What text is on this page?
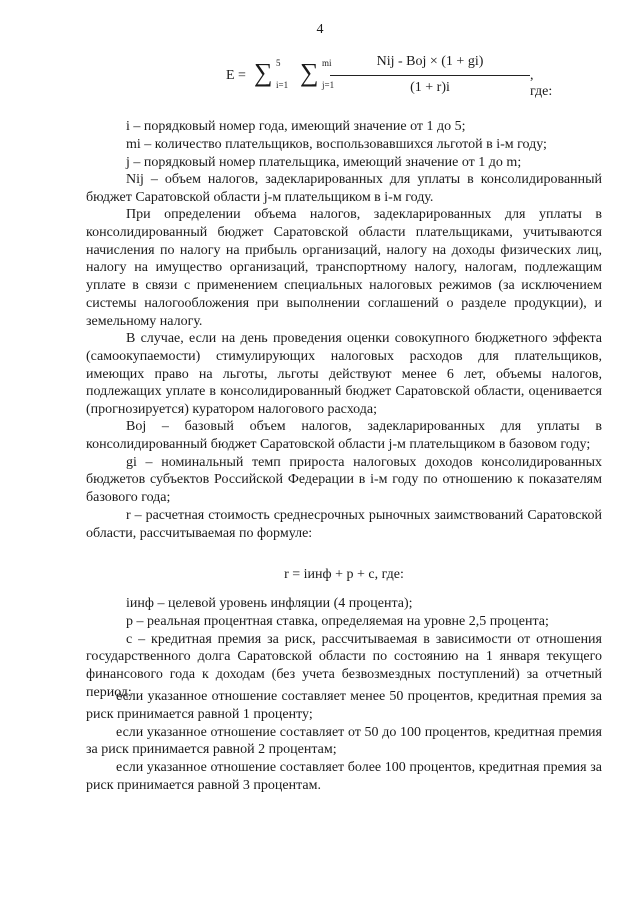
4
E = ∑ 5
i=1 ∑ mi
j=1
Nij - Boj × (1 + gi)
(1 + r)i
, где:

i – порядковый номер года, имеющий значение от 1 до 5;

mi – количество плательщиков, воспользовавшихся льготой в i-м году;

j – порядковый номер плательщика, имеющий значение от 1 до m;

Nij – объем налогов, задекларированных для уплаты в консолидированный бюджет Саратовской области j-м плательщиком в i-м году.

При определении объема налогов, задекларированных для уплаты в консолидированный бюджет Саратовской области плательщиками, учитываются начисления по налогу на прибыль организаций, налогу на доходы физических лиц, налогу на имущество организаций, транспортному налогу, налогам, подлежащим уплате в связи с применением специальных налоговых режимов (за исключением системы налогообложения при выполнении соглашений о разделе продукции), и земельному налогу.

В случае, если на день проведения оценки совокупного бюджетного эффекта (самоокупаемости) стимулирующих налоговых расходов для плательщиков, имеющих право на льготы, льготы действуют менее 6 лет, объемы налогов, подлежащих уплате в консолидированный бюджет Саратовской области, оценивается (прогнозируется) куратором налогового расхода;

Boj – базовый объем налогов, задекларированных для уплаты в консолидированный бюджет Саратовской области j-м плательщиком в базовом году;

gi – номинальный темп прироста налоговых доходов консолидированных бюджетов субъектов Российской Федерации в i-м году по отношению к показателям базового года;

r – расчетная стоимость среднесрочных рыночных заимствований Саратовской области, рассчитываемая по формуле:

r = iинф + p + c, где:

iинф – целевой уровень инфляции (4 процента);

p – реальная процентная ставка, определяемая на уровне 2,5 процента;

c – кредитная премия за риск, рассчитываемая в зависимости от отношения государственного долга Саратовской области по состоянию на 1 января текущего финансового года к доходам (без учета безвозмездных поступлений) за отчетный период:

если указанное отношение составляет менее 50 процентов, кредитная премия за риск принимается равной 1 проценту;

если указанное отношение составляет от 50 до 100 процентов, кредитная премия за риск принимается равной 2 процентам;

если указанное отношение составляет более 100 процентов, кредитная премия за риск принимается равной 3 процентам.
